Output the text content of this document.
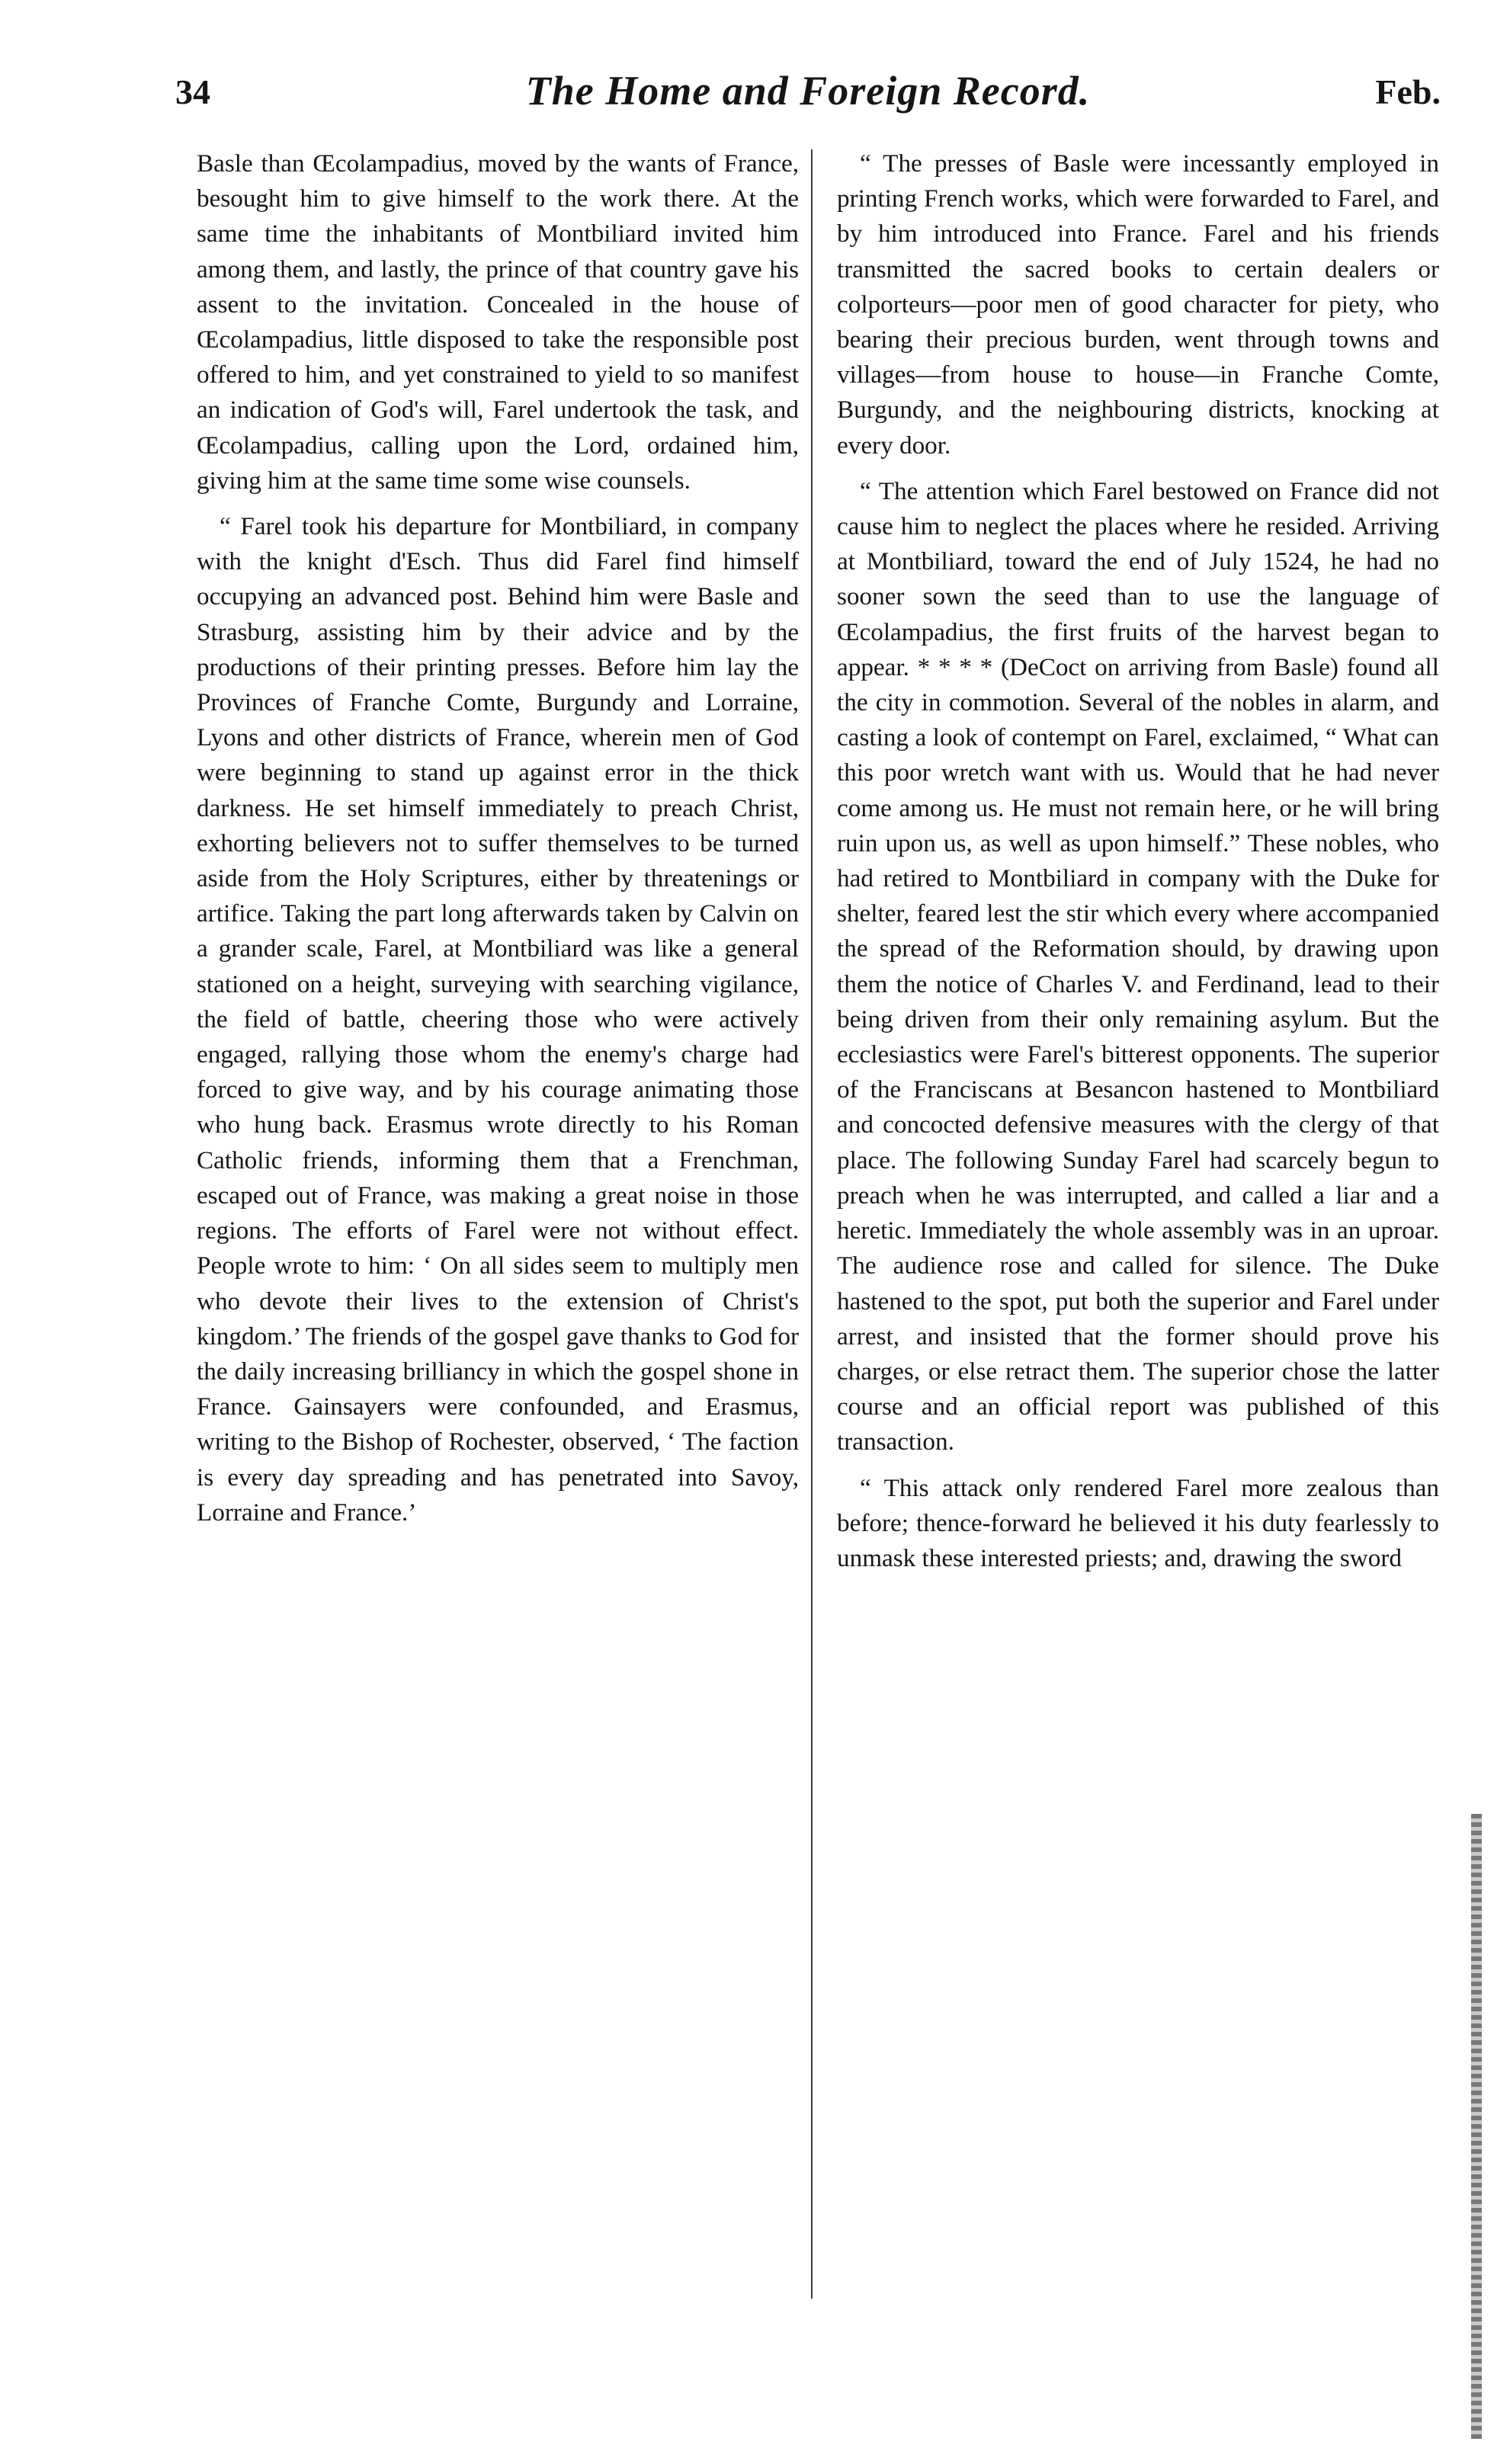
34	The Home and Foreign Record.	Feb.

Basle than Œcolampadius, moved by the wants of France, besought him to give himself to the work there. At the same time the inhabitants of Montbiliard invited him among them, and lastly, the prince of that country gave his assent to the invitation. Concealed in the house of Œcolampadius, little disposed to take the responsible post offered to him, and yet constrained to yield to so manifest an indication of God's will, Farel undertook the task, and Œcolampadius, calling upon the Lord, ordained him, giving him at the same time some wise counsels.

“ Farel took his departure for Montbiliard, in company with the knight d'Esch. Thus did Farel find himself occupying an advanced post. Behind him were Basle and Strasburg, assisting him by their advice and by the productions of their printing presses. Before him lay the Provinces of Franche Comte, Burgundy and Lorraine, Lyons and other districts of France, wherein men of God were beginning to stand up against error in the thick darkness. He set himself immediately to preach Christ, exhorting believers not to suffer themselves to be turned aside from the Holy Scriptures, either by threatenings or artifice. Taking the part long afterwards taken by Calvin on a grander scale, Farel, at Montbiliard was like a general stationed on a height, surveying with searching vigilance, the field of battle, cheering those who were actively engaged, rallying those whom the enemy's charge had forced to give way, and by his courage animating those who hung back. Erasmus wrote directly to his Roman Catholic friends, informing them that a Frenchman, escaped out of France, was making a great noise in those regions. The efforts of Farel were not without effect. People wrote to him: ‘ On all sides seem to multiply men who devote their lives to the extension of Christ's kingdom.’ The friends of the gospel gave thanks to God for the daily increasing brilliancy in which the gospel shone in France. Gainsayers were confounded, and Erasmus, writing to the Bishop of Rochester, observed, ‘ The faction is every day spreading and has penetrated into Savoy, Lorraine and France.’

“ The presses of Basle were incessantly employed in printing French works, which were forwarded to Farel, and by him introduced into France. Farel and his friends transmitted the sacred books to certain dealers or colporteurs—poor men of good character for piety, who bearing their precious burden, went through towns and villages—from house to house—in Franche Comte, Burgundy, and the neighbouring districts, knocking at every door.

“ The attention which Farel bestowed on France did not cause him to neglect the places where he resided. Arriving at Montbiliard, toward the end of July 1524, he had no sooner sown the seed than to use the language of Œcolampadius, the first fruits of the harvest began to appear. * * * * (DeCoct on arriving from Basle) found all the city in commotion. Several of the nobles in alarm, and casting a look of contempt on Farel, exclaimed, “ What can this poor wretch want with us. Would that he had never come among us. He must not remain here, or he will bring ruin upon us, as well as upon himself.” These nobles, who had retired to Montbiliard in company with the Duke for shelter, feared lest the stir which every where accompanied the spread of the Reformation should, by drawing upon them the notice of Charles V. and Ferdinand, lead to their being driven from their only remaining asylum. But the ecclesiastics were Farel's bitterest opponents. The superior of the Franciscans at Besancon hastened to Montbiliard and concocted defensive measures with the clergy of that place. The following Sunday Farel had scarcely begun to preach when he was interrupted, and called a liar and a heretic. Immediately the whole assembly was in an uproar. The audience rose and called for silence. The Duke hastened to the spot, put both the superior and Farel under arrest, and insisted that the former should prove his charges, or else retract them. The superior chose the latter course and an official report was published of this transaction.

“ This attack only rendered Farel more zealous than before; thence-forward he believed it his duty fearlessly to unmask these interested priests; and, drawing the sword
